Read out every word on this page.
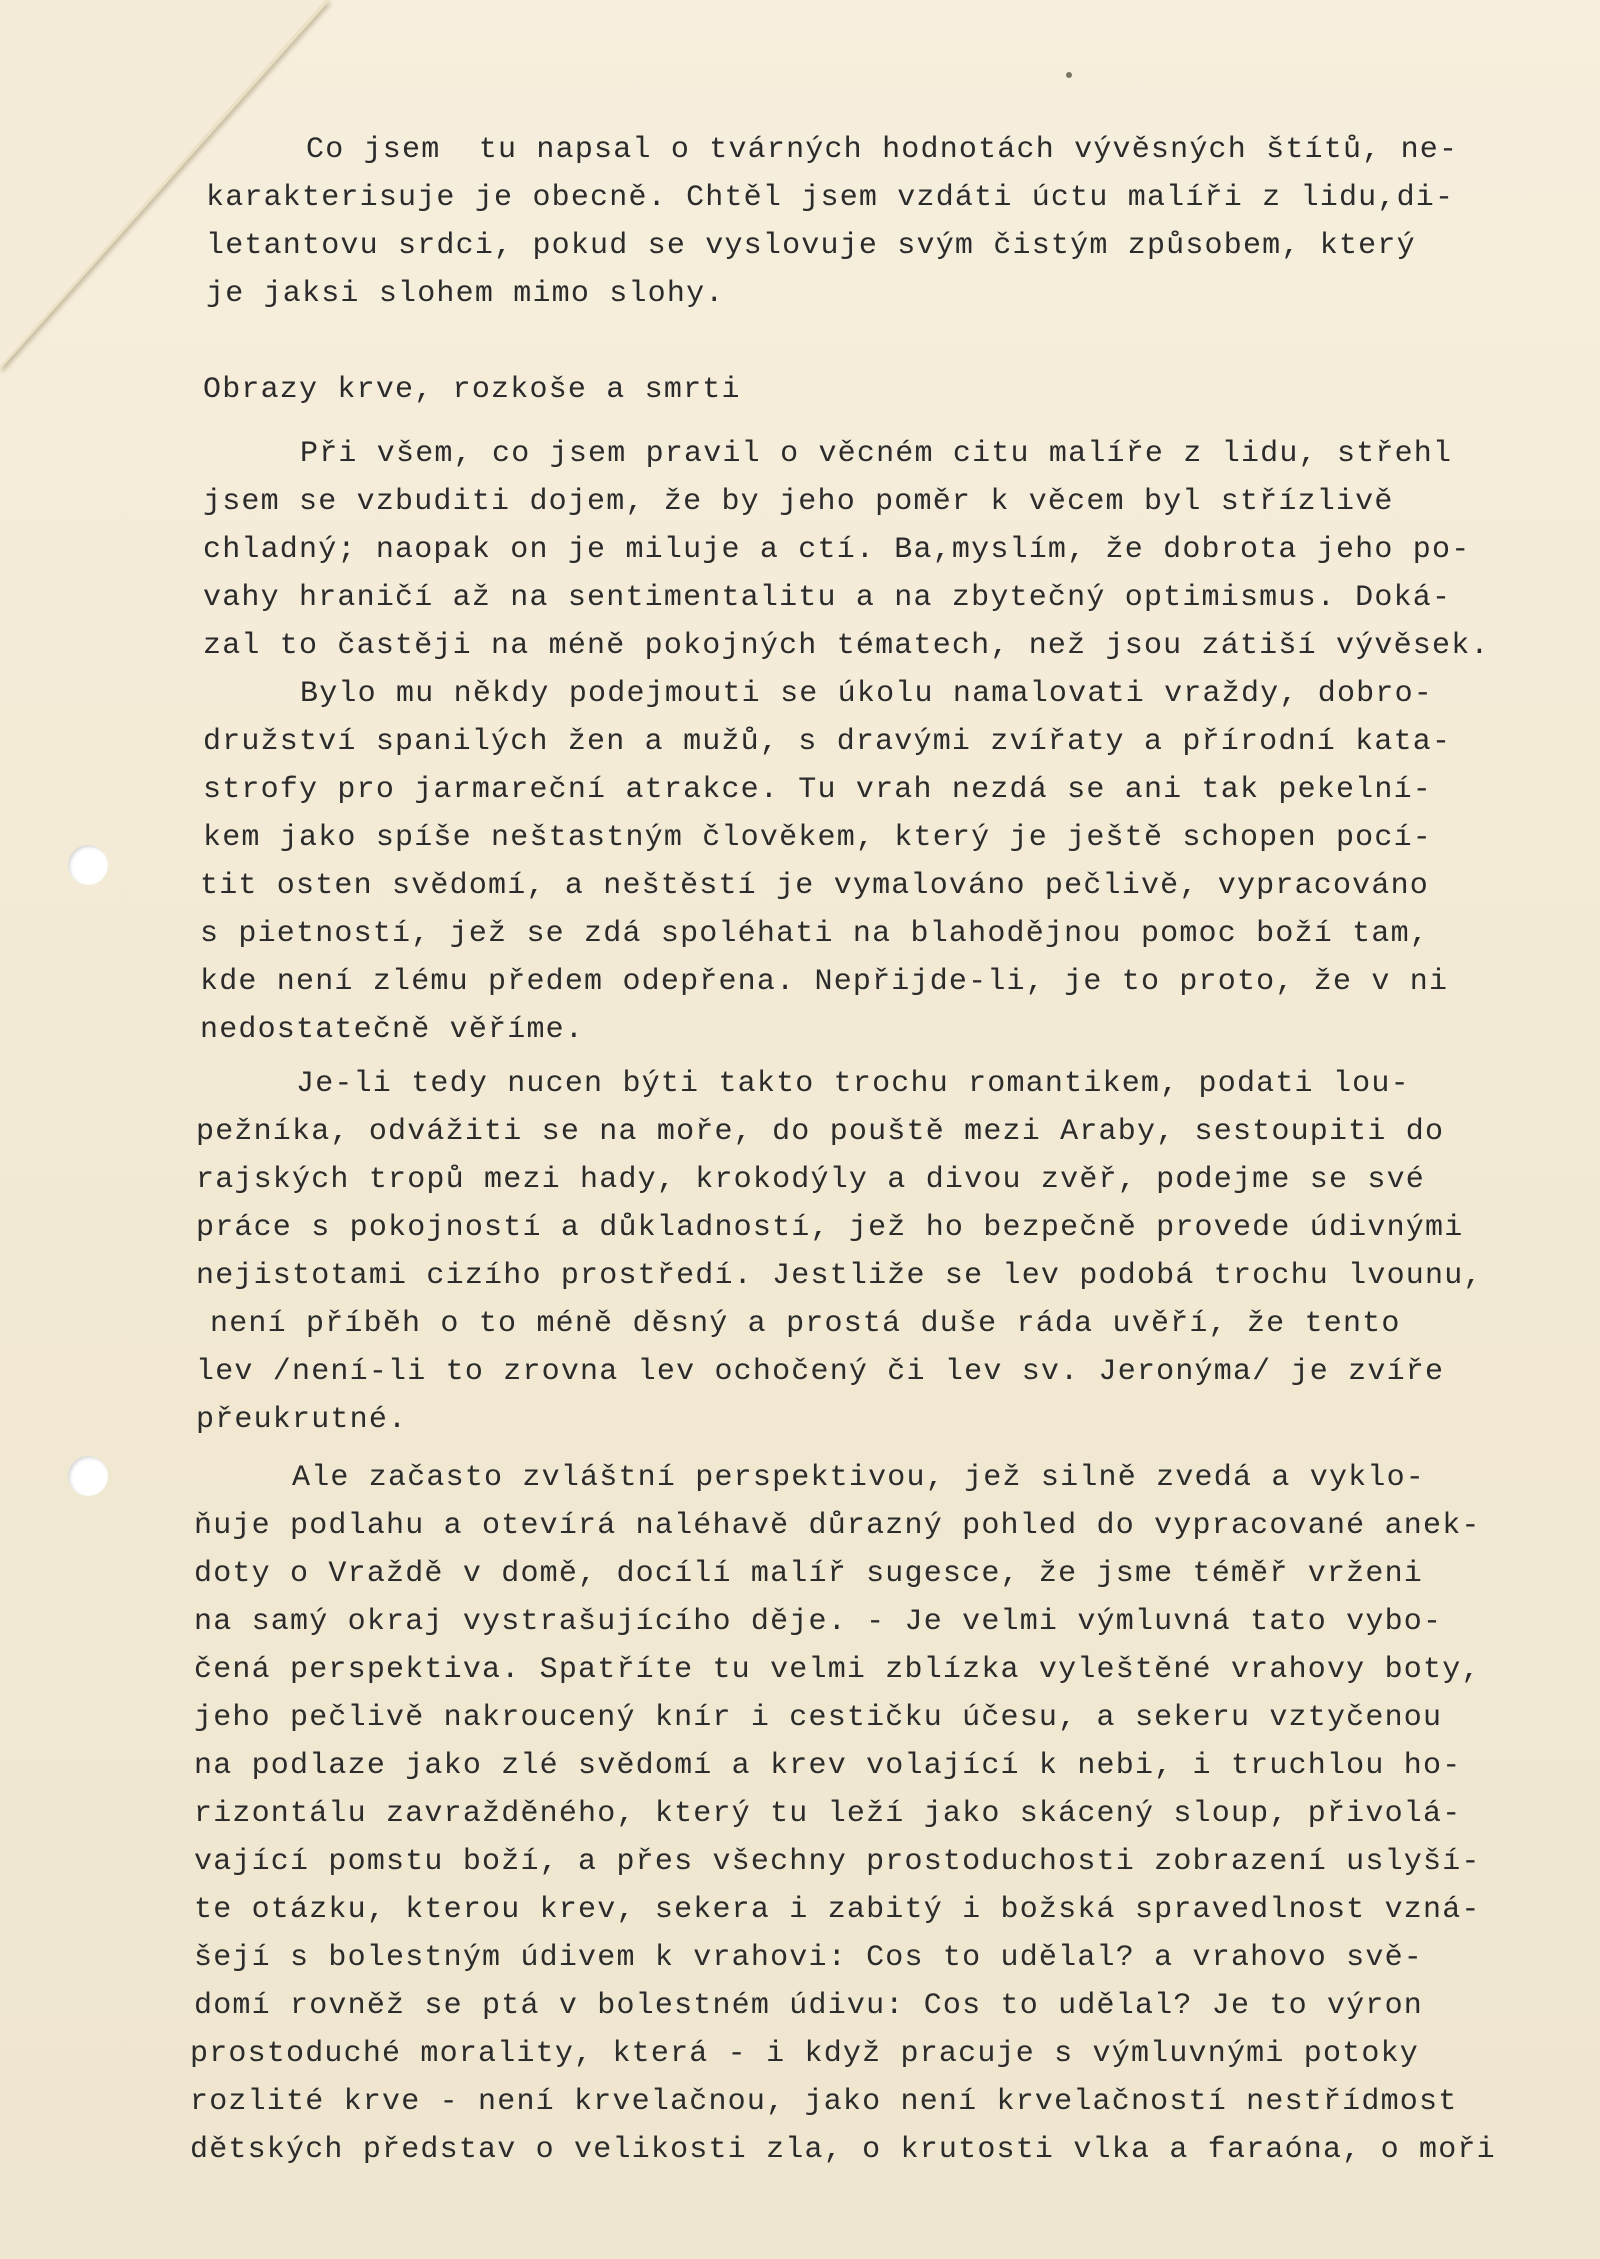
Co jsem  tu napsal o tvárných hodnotách vývěsných štítů, ne-
karakterisuje je obecně. Chtěl jsem vzdáti úctu malíři z lidu,di-
letantovu srdci, pokud se vyslovuje svým čistým způsobem, který
je jaksi slohem mimo slohy.
Obrazy krve, rozkoše a smrti
Při všem, co jsem pravil o věcném citu malíře z lidu, střehl
jsem se vzbuditi dojem, že by jeho poměr k věcem byl střízlivě
chladný; naopak on je miluje a ctí. Ba,myslím, že dobrota jeho po-
vahy hraničí až na sentimentalitu a na zbytečný optimismus. Doká-
zal to častěji na méně pokojných tématech, než jsou zátiší vývěsek.
Bylo mu někdy podejmouti se úkolu namalovati vraždy, dobro-
družství spanilých žen a mužů, s dravými zvířaty a přírodní kata-
strofy pro jarmareční atrakce. Tu vrah nezdá se ani tak pekelní-
kem jako spíše neštastným člověkem, který je ještě schopen pocí-
tit osten svědomí, a neštěstí je vymalováno pečlivě, vypracováno
s pietností, jež se zdá spoléhati na blahodějnou pomoc boží tam,
kde není zlému předem odepřena. Nepřijde-li, je to proto, že v ni
nedostatečně věříme.
Je-li tedy nucen býti takto trochu romantikem, podati lou-
pežníka, odvážiti se na moře, do pouště mezi Araby, sestoupiti do
rajských tropů mezi hady, krokodýly a divou zvěř, podejme se své
práce s pokojností a důkladností, jež ho bezpečně provede údivnými
nejistotami cizího prostředí. Jestliže se lev podobá trochu lvounu,
není příběh o to méně děsný a prostá duše ráda uvěří, že tento
lev /není-li to zrovna lev ochočený či lev sv. Jeronýma/ je zvíře
přeukrutné.
Ale začasto zvláštní perspektivou, jež silně zvedá a vyklo-
ňuje podlahu a otevírá naléhavě důrazný pohled do vypracované anek-
doty o Vraždě v domě, docílí malíř sugesce, že jsme téměř vrženi
na samý okraj vystrašujícího děje. - Je velmi výmluvná tato vybo-
čená perspektiva. Spatříte tu velmi zblízka vyleštěné vrahovy boty,
jeho pečlivě nakroucený knír i cestičku účesu, a sekeru vztyčenou
na podlaze jako zlé svědomí a krev volající k nebi, i truchlou ho-
rizontálu zavražděného, který tu leží jako skácený sloup, přivolá-
vající pomstu boží, a přes všechny prostoduchosti zobrazení uslyší-
te otázku, kterou krev, sekera i zabitý i božská spravedlnost vzná-
šejí s bolestným údivem k vrahovi: Cos to udělal? a vrahovo svě-
domí rovněž se ptá v bolestném údivu: Cos to udělal? Je to výron
prostoduché morality, která - i když pracuje s výmluvnými potoky
rozlité krve - není krvelačnou, jako není krvelačností nestřídmost
dětských představ o velikosti zla, o krutosti vlka a faraóna, o moři
